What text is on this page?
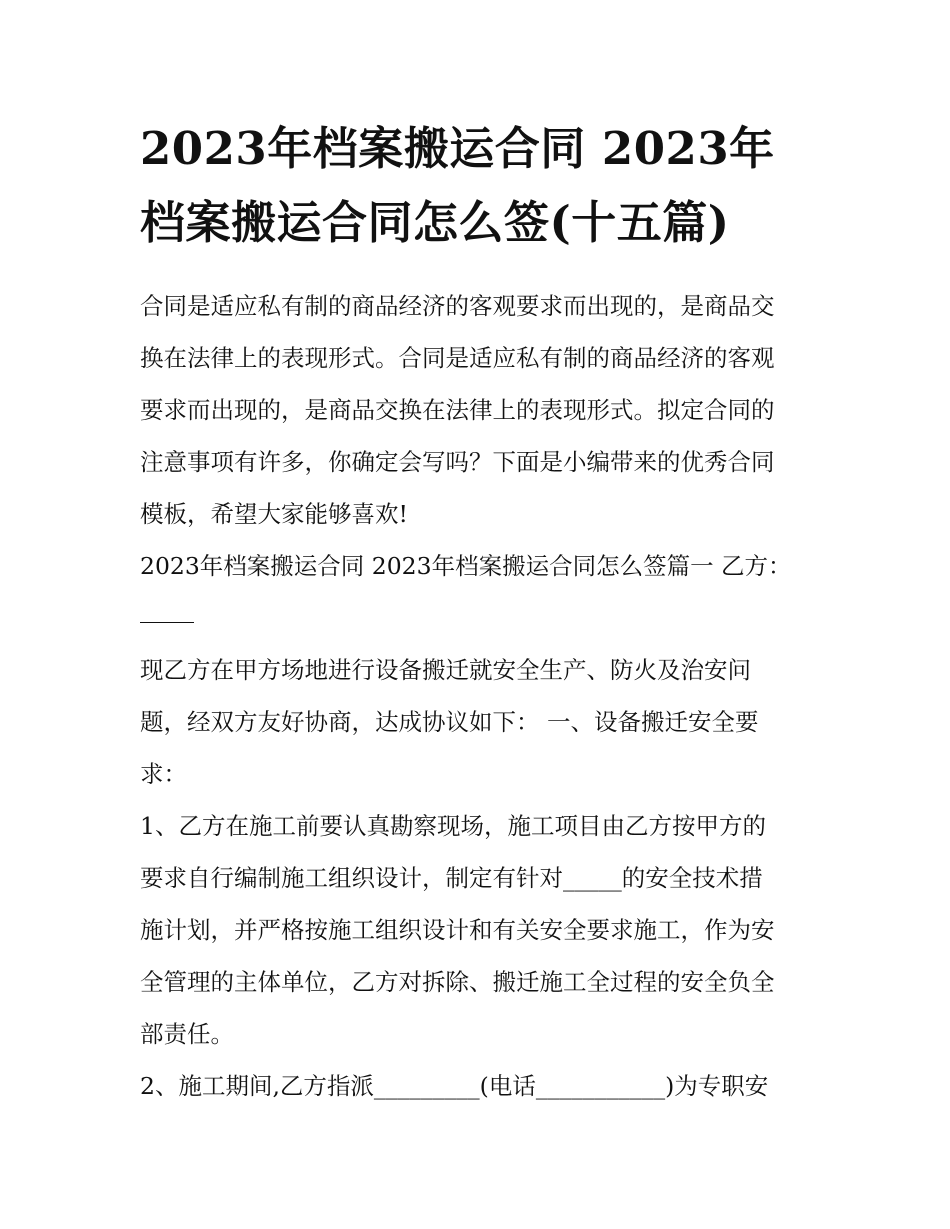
2023年档案搬运合同 2023年
档案搬运合同怎么签(十五篇)

合同是适应私有制的商品经济的客观要求而出现的，是商品交
换在法律上的表现形式。合同是适应私有制的商品经济的客观
要求而出现的，是商品交换在法律上的表现形式。拟定合同的
注意事项有许多，你确定会写吗？下面是小编带来的优秀合同
模板，希望大家能够喜欢!

2023年档案搬运合同 2023年档案搬运合同怎么签篇一 乙方：

现乙方在甲方场地进行设备搬迁就安全生产、防火及治安问
题，经双方友好协商，达成协议如下： 一、设备搬迁安全要
求：

1、乙方在施工前要认真勘察现场，施工项目由乙方按甲方的
要求自行编制施工组织设计，制定有针对_____的安全技术措
施计划，并严格按施工组织设计和有关安全要求施工，作为安
全管理的主体单位，乙方对拆除、搬迁施工全过程的安全负全
部责任。

2、施工期间,乙方指派_________(电话___________)为专职安
